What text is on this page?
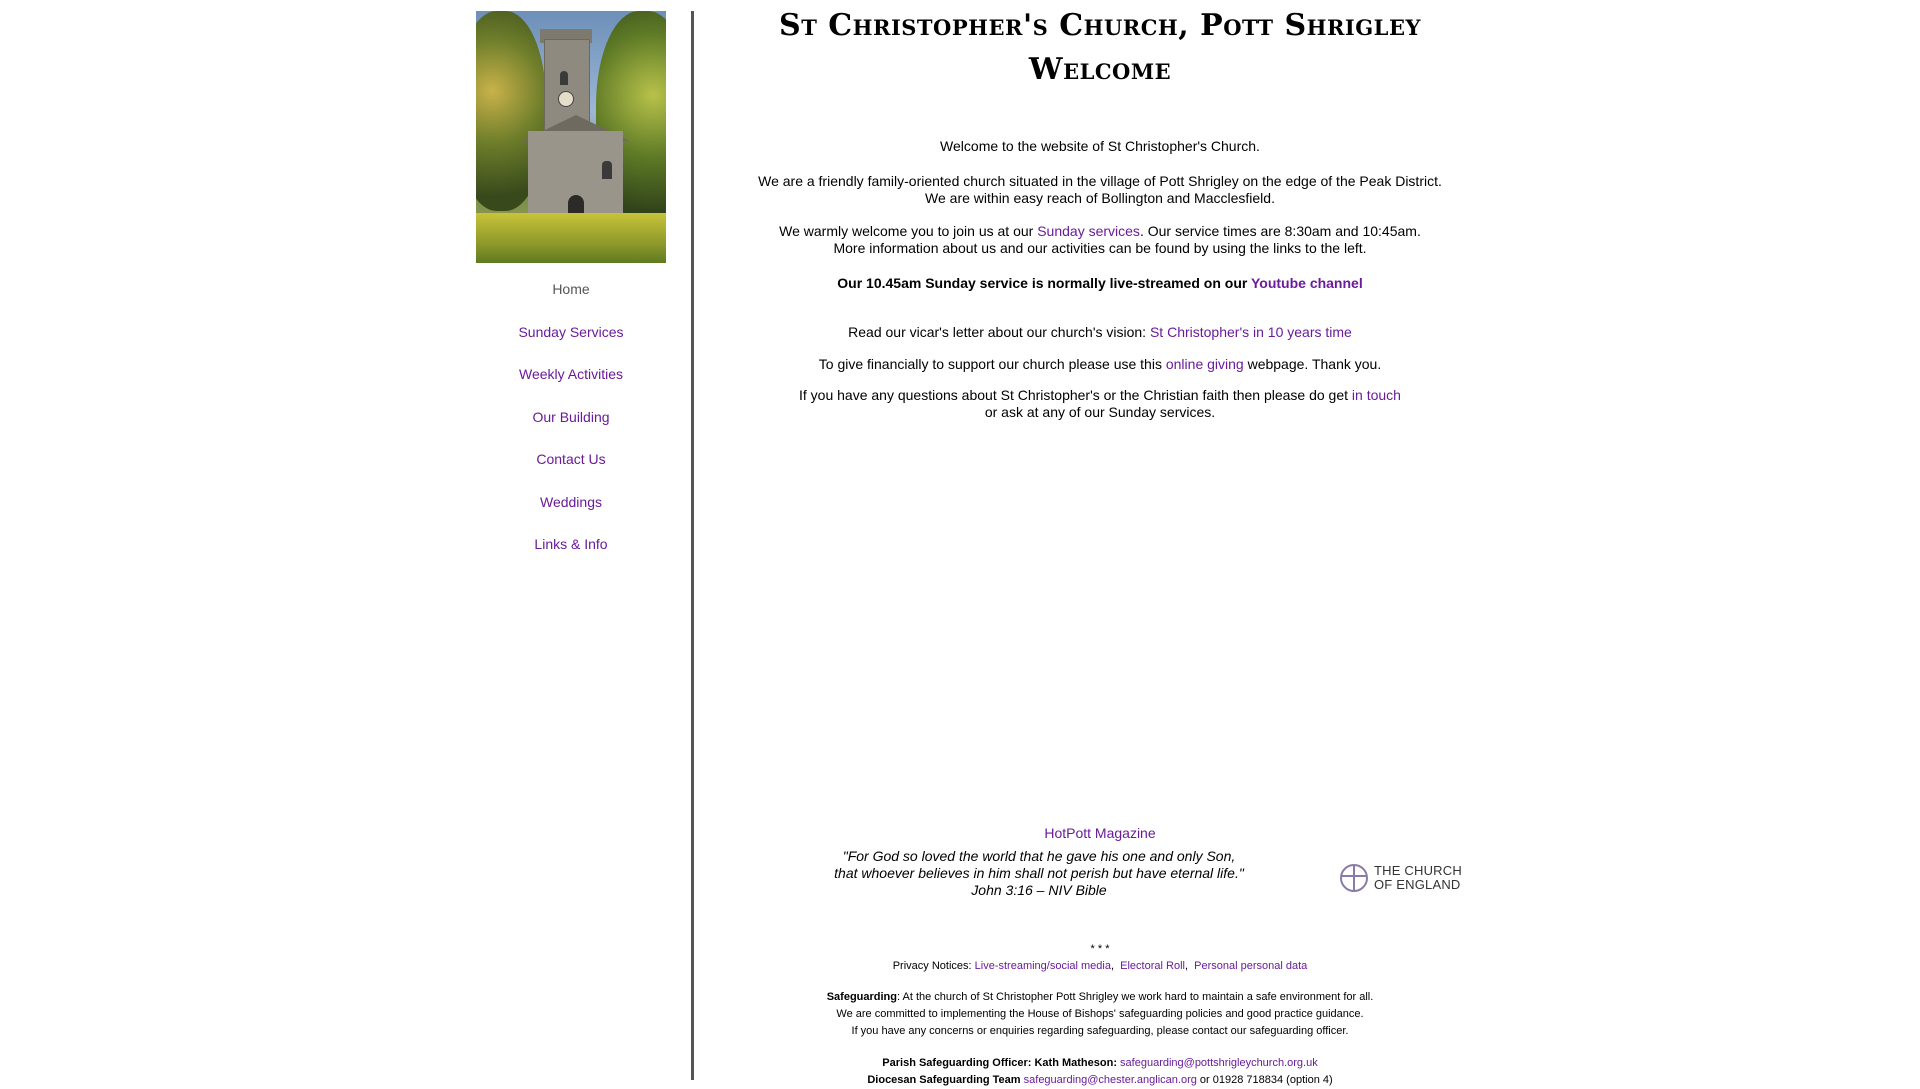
Home
Sunday Services
Weekly Activities
Our Building
Contact Us
Weddings
Links & Info
St Christopher's Church, Pott Shrigley
Welcome

Welcome to the website of St Christopher's Church.

We are a friendly family-oriented church situated in the village of Pott Shrigley on the edge of the Peak District.
We are within easy reach of Bollington and Macclesfield.

We warmly welcome you to join us at our Sunday services. Our service times are 8:30am and 10:45am.
More information about us and our activities can be found by using the links to the left.

Our 10.45am Sunday service is normally live-streamed on our Youtube channel

Read our vicar's letter about our church's vision: St Christopher's in 10 years time

To give financially to support our church please use this online giving webpage. Thank you.

If you have any questions about St Christopher's or the Christian faith then please do get in touch
or ask at any of our Sunday services.

HotPott Magazine

"For God so loved the world that he gave his one and only Son,
that whoever believes in him shall not perish but have eternal life."
John 3:16 – NIV Bible

* * *

Privacy Notices: Live-streaming/social media,  Electoral Roll,  Personal personal data

Safeguarding: At the church of St Christopher Pott Shrigley we work hard to maintain a safe environment for all.
We are committed to implementing the House of Bishops' safeguarding policies and good practice guidance.
If you have any concerns or enquiries regarding safeguarding, please contact our safeguarding officer.

Parish Safeguarding Officer: Kath Matheson: safeguarding@pottshrigleychurch.org.uk
Diocesan Safeguarding Team safeguarding@chester.anglican.org or 01928 718834 (option 4)

THE CHURCH
OF ENGLAND
